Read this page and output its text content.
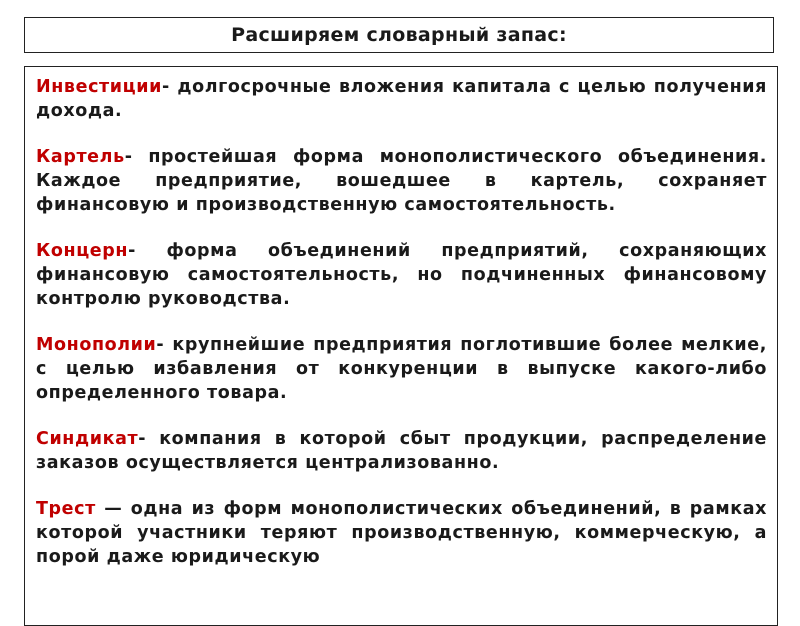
Расширяем словарный запас:

Инвестиции- долгосрочные вложения капитала с целью получения дохода.

Картель- простейшая форма монополистического объединения. Каждое предприятие, вошедшее в картель, сохраняет финансовую и производственную самостоятельность.

Концерн- форма объединений предприятий, сохраняющих финансовую самостоятельность, но подчиненных финансовому контролю руководства.

Монополии- крупнейшие предприятия поглотившие более мелкие, с целью избавления от конкуренции в выпуске какого-либо определенного товара.

Синдикат- компания в которой сбыт продукции, распределение заказов осуществляется централизованно.

Трест — одна из форм монополистических объединений, в рамках которой участники теряют производственную, коммерческую, а порой даже юридическую
